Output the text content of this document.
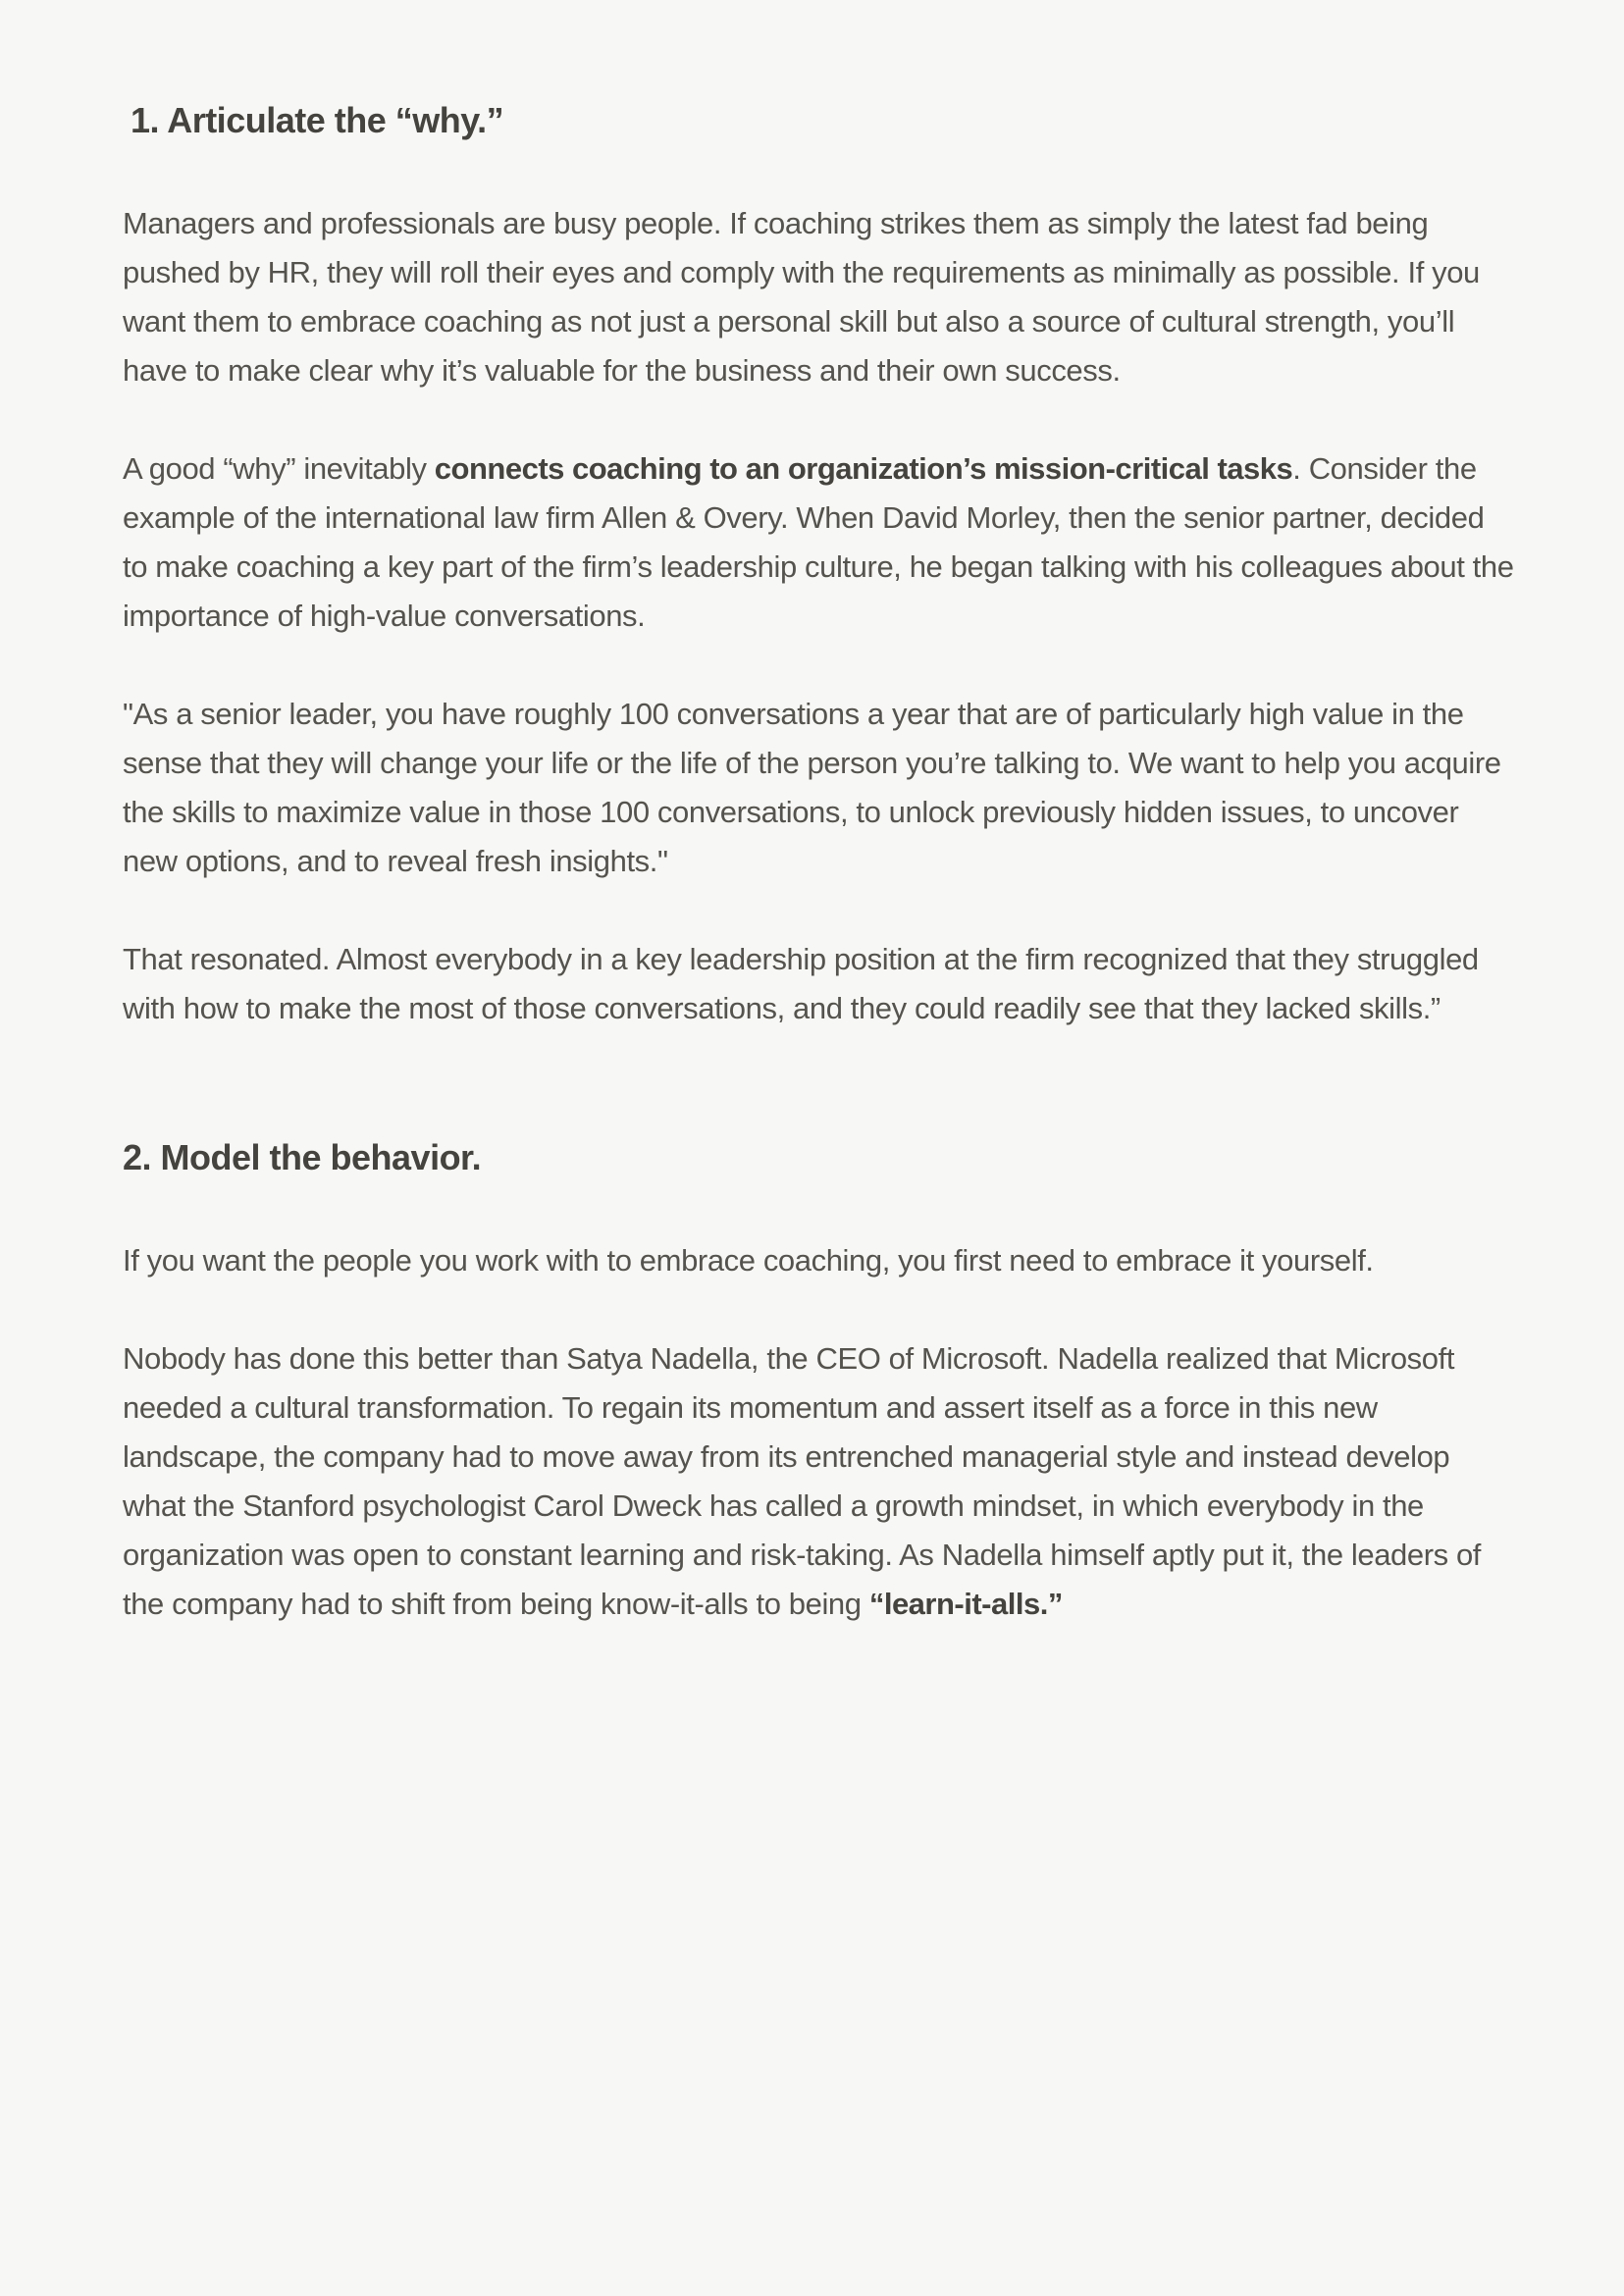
1. Articulate the “why.”

Managers and professionals are busy people. If coaching strikes them as simply the latest fad being pushed by HR, they will roll their eyes and comply with the requirements as minimally as possible. If you want them to embrace coaching as not just a personal skill but also a source of cultural strength, you’ll have to make clear why it’s valuable for the business and their own success.

A good “why” inevitably connects coaching to an organization’s mission-critical tasks. Consider the example of the international law firm Allen & Overy. When David Morley, then the senior partner, decided to make coaching a key part of the firm’s leadership culture, he began talking with his colleagues about the importance of high-value conversations.

"As a senior leader, you have roughly 100 conversations a year that are of particularly high value in the sense that they will change your life or the life of the person you’re talking to. We want to help you acquire the skills to maximize value in those 100 conversations, to unlock previously hidden issues, to uncover new options, and to reveal fresh insights."

That resonated. Almost everybody in a key leadership position at the firm recognized that they struggled with how to make the most of those conversations, and they could readily see that they lacked skills.”

2. Model the behavior.

If you want the people you work with to embrace coaching, you first need to embrace it yourself.

Nobody has done this better than Satya Nadella, the CEO of Microsoft. Nadella realized that Microsoft needed a cultural transformation. To regain its momentum and assert itself as a force in this new landscape, the company had to move away from its entrenched managerial style and instead develop what the Stanford psychologist Carol Dweck has called a growth mindset, in which everybody in the organization was open to constant learning and risk-taking. As Nadella himself aptly put it, the leaders of the company had to shift from being know-it-alls to being “learn-it-alls.”
